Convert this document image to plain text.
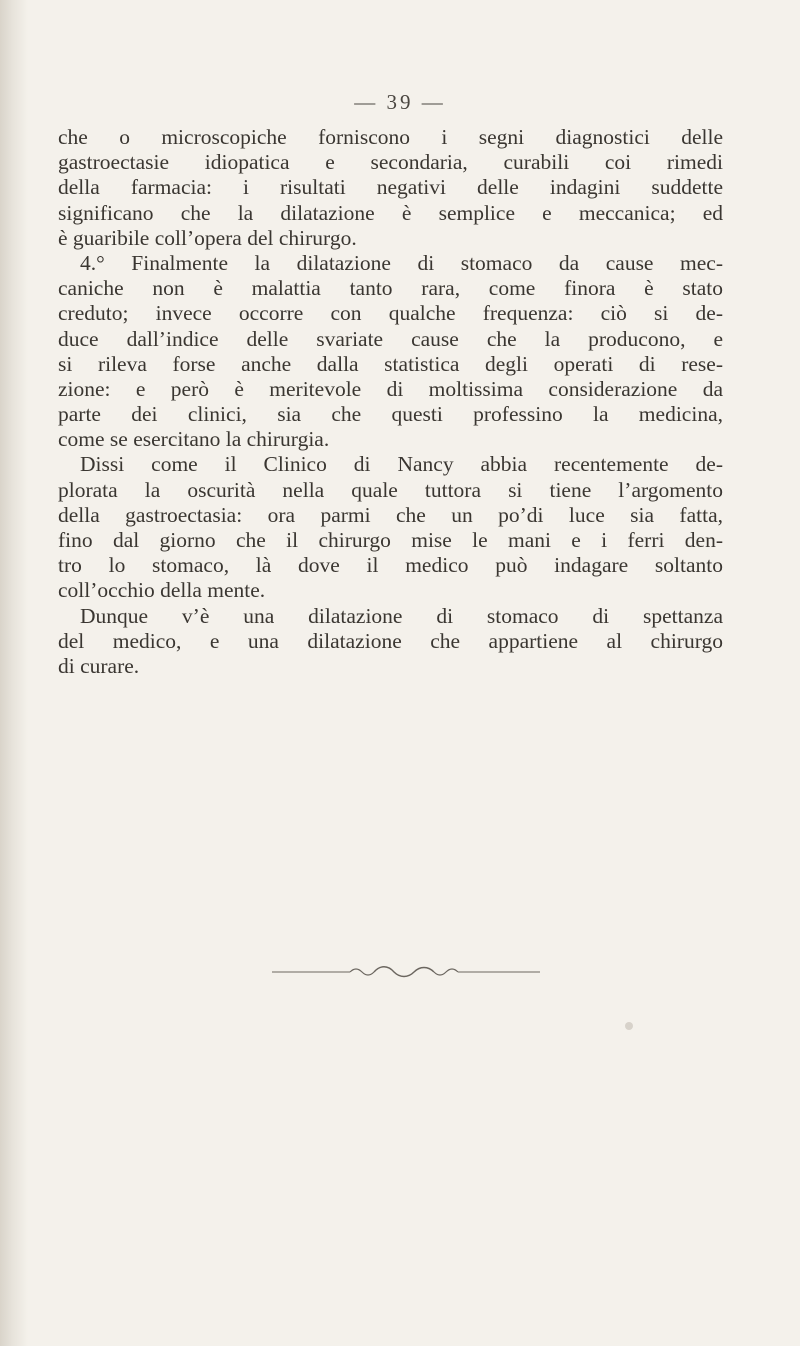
— 39 —
che o microscopiche forniscono i segni diagnostici delle
gastroectasie idiopatica e secondaria, curabili coi rimedi
della farmacia: i risultati negativi delle indagini suddette
significano che la dilatazione è semplice e meccanica; ed
è guaribile coll’opera del chirurgo.
4.° Finalmente la dilatazione di stomaco da cause mec-
caniche non è malattia tanto rara, come finora è stato
creduto; invece occorre con qualche frequenza: ciò si de-
duce dall’indice delle svariate cause che la producono, e
si rileva forse anche dalla statistica degli operati di rese-
zione: e però è meritevole di moltissima considerazione da
parte dei clinici, sia che questi professino la medicina,
come se esercitano la chirurgia.
Dissi come il Clinico di Nancy abbia recentemente de-
plorata la oscurità nella quale tuttora si tiene l’argomento
della gastroectasia: ora parmi che un po’di luce sia fatta,
fino dal giorno che il chirurgo mise le mani e i ferri den-
tro lo stomaco, là dove il medico può indagare soltanto
coll’occhio della mente.
Dunque v’è una dilatazione di stomaco di spettanza
del medico, e una dilatazione che appartiene al chirurgo
di curare.
